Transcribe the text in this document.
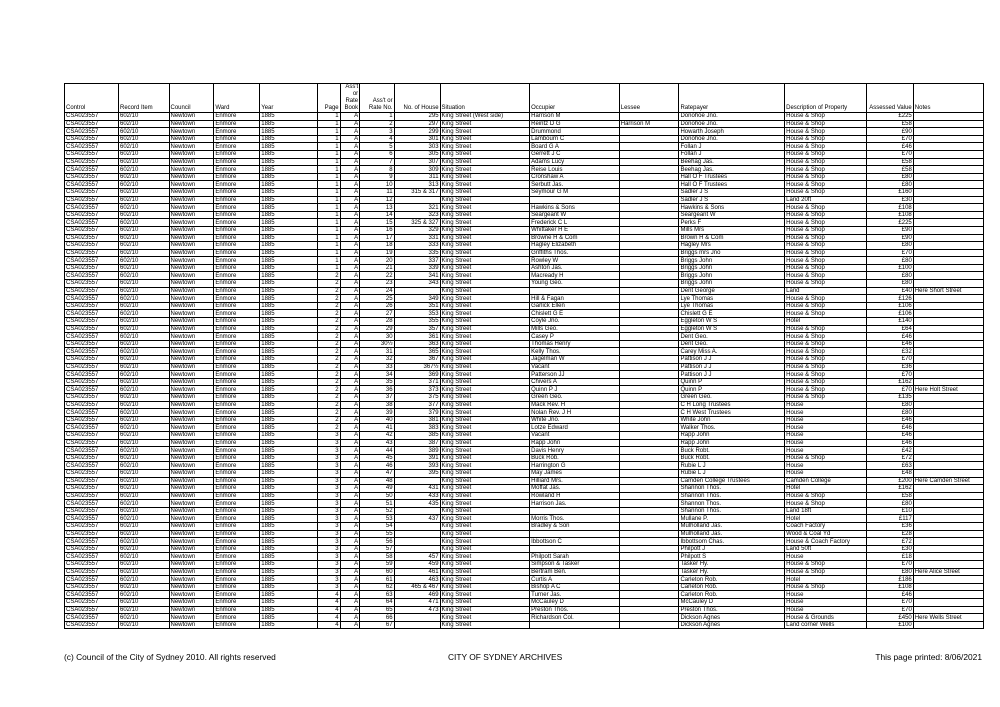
Control	Record Item	Council	Ward	Year	Page	Ass't or Rate Book	Ass't or Rate No.	No. of House	Situation	Occupier	Lessee	Ratepayer	Description of Property	Assessed Value	Notes
CSA023557	602/10	Newtown	Enmore	1885	1	A	1	295	King Street (West side)	Harrison M		Donohoe Jno.	House & Shop	£225	
CSA023557	602/10	Newtown	Enmore	1885	1	A	2	297	King Street	Reintz D G	Harrison M	Donohoe Jno.	House & Shop	£58	
CSA023557	602/10	Newtown	Enmore	1885	1	A	3	299	King Street	Drummond		Howarth Joseph	House & Shop	£90	
CSA023557	602/10	Newtown	Enmore	1885	1	A	4	301	King Street	Lambourn C		Donohoe Jno.	House & Shop	£70	
CSA023557	602/10	Newtown	Enmore	1885	1	A	5	303	King Street	Board G A		Follan J	House & Shop	£46	
CSA023557	602/10	Newtown	Enmore	1885	1	A	6	305	King Street	Gerrett J C		Follan J	House & Shop	£70	
CSA023557	602/10	Newtown	Enmore	1885	1	A	7	307	King Street	Adams Lucy		Beehag Jas.	House & Shop	£58	
CSA023557	602/10	Newtown	Enmore	1885	1	A	8	309	King Street	Reise Louis		Beehag Jas.	House & Shop	£58	
CSA023557	602/10	Newtown	Enmore	1885	1	A	9	311	King Street	Cronshaw A		Hall O F Trustees	House & Shop	£80	
CSA023557	602/10	Newtown	Enmore	1885	1	A	10	313	King Street	Serbutt Jas.		Hall O F Trustees	House & Shop	£80	
CSA023557	602/10	Newtown	Enmore	1885	1	A	11	315 & 317	King Street	Seymour G M		Sadler J S	House & Shop	£160	
CSA023557	602/10	Newtown	Enmore	1885	1	A	12		King Street			Sadler J S	Land 20ft	£30	
CSA023557	602/10	Newtown	Enmore	1885	1	A	13	321	King Street	Hawkins & Sons		Hawkins & Sons	House & Shop	£108	
CSA023557	602/10	Newtown	Enmore	1885	1	A	14	323	King Street	Seargeant W		Seargeant W	House & Shop	£108	
CSA023557	602/10	Newtown	Enmore	1885	1	A	15	325 & 327	King Street	Frederick C L		Perks F	House & Shop	£225	
CSA023557	602/10	Newtown	Enmore	1885	1	A	16	329	King Street	Whittaker H E		Mills Mrs	House & Shop	£90	
CSA023557	602/10	Newtown	Enmore	1885	1	A	17	331	King Street	Browne H & Com		Brown H & Com	House & Shop	£90	
CSA023557	602/10	Newtown	Enmore	1885	1	A	18	333	King Street	Hagley Elizabeth		Hagley Mrs	House & Shop	£80	
CSA023557	602/10	Newtown	Enmore	1885	1	A	19	335	King Street	Griffiths Thos.		Briggs mrs Jno	House & Shop	£70	
CSA023557	602/10	Newtown	Enmore	1885	1	A	20	337	King Street	Rowley W		Briggs John	House & Shop	£80	
CSA023557	602/10	Newtown	Enmore	1885	1	A	21	339	King Street	Ashton Jas.		Briggs John	House & Shop	£100	
CSA023557	602/10	Newtown	Enmore	1885	2	A	22	341	King Street	Macready H		Briggs John	House & Shop	£80	
CSA023557	602/10	Newtown	Enmore	1885	2	A	23	343	King Street	Young Geo.		Briggs John	House & Shop	£80	
CSA023557	602/10	Newtown	Enmore	1885	2	A	24		King Street			Dent George	Land	£40	Here Short Street
CSA023557	602/10	Newtown	Enmore	1885	2	A	25	349	King Street	Hill & Fagan		Lye Thomas	House & Shop	£126	
CSA023557	602/10	Newtown	Enmore	1885	2	A	26	351	King Street	Garlick Ellen		Lye Thomas	House & Shop	£106	
CSA023557	602/10	Newtown	Enmore	1885	2	A	27	353	King Street	Chislett G E		Chislett G E	House & Shop	£106	
CSA023557	602/10	Newtown	Enmore	1885	2	A	28	355	King Street	Coyle Jno.		Eggleton W S	Hotel	£140	
CSA023557	602/10	Newtown	Enmore	1885	2	A	29	357	King Street	Mills Geo.		Eggleton W S	House & Shop	£64	
CSA023557	602/10	Newtown	Enmore	1885	2	A	30	361	King Street	Casey P		Dent Geo.	House & Shop	£46	
CSA023557	602/10	Newtown	Enmore	1885	2	A	30½	363	King Street	Thomas Henry		Dent Geo.	House & Shop	£46	
CSA023557	602/10	Newtown	Enmore	1885	2	A	31	365	King Street	Kelly Thos.		Carey Miss A.	House & Shop	£32	
CSA023557	602/10	Newtown	Enmore	1885	2	A	32	367	King Street	Jagelman W		Pattison J J	House & Shop	£70	
CSA023557	602/10	Newtown	Enmore	1885	2	A	33	367½	King Street	Vacant		Pattison J J	House & Shop	£36	
CSA023557	602/10	Newtown	Enmore	1885	2	A	34	369	King Street	Patterson JJ		Pattison J J	House & Shop	£70	
CSA023557	602/10	Newtown	Enmore	1885	2	A	35	371	King Street	Chivers A		Quinn P	House & Shop	£162	
CSA023557	602/10	Newtown	Enmore	1885	2	A	36	373	King Street	Quinn P J		Quinn P	House & Shop	£70	Here Holt Street
CSA023557	602/10	Newtown	Enmore	1885	2	A	37	375	King Street	Green Geo.		Green Geo.	House & Shop	£135	
CSA023557	602/10	Newtown	Enmore	1885	2	A	38	377	King Street	Mack Rev. H		C H Long Trustees	House	£80	
CSA023557	602/10	Newtown	Enmore	1885	2	A	39	379	King Street	Nolan Rev. J H		C H West Trustees	House	£80	
CSA023557	602/10	Newtown	Enmore	1885	2	A	40	381	King Street	White Jno.		White John	House	£46	
CSA023557	602/10	Newtown	Enmore	1885	2	A	41	383	King Street	Lotze Edward		Walker Thos.	House	£46	
CSA023557	602/10	Newtown	Enmore	1885	3	A	42	385	King Street	Vacant		Rapp John	House	£46	
CSA023557	602/10	Newtown	Enmore	1885	3	A	43	387	King Street	Rapp John		Rapp John	House	£46	
CSA023557	602/10	Newtown	Enmore	1885	3	A	44	389	King Street	Davis Henry		Buck Robt.	House	£42	
CSA023557	602/10	Newtown	Enmore	1885	3	A	45	391	King Street	Buck Rob.		Buck Robt.	House & Shop	£72	
CSA023557	602/10	Newtown	Enmore	1885	3	A	46	393	King Street	Harrington G		Rubie L J	House	£63	
CSA023557	602/10	Newtown	Enmore	1885	3	A	47	395	King Street	May James		Rubie L J	House	£48	
CSA023557	602/10	Newtown	Enmore	1885	3	A	48		King Street	Hilliard Mrs.		Camden College Trustees	Camden College	£200	Here Camden Street
CSA023557	602/10	Newtown	Enmore	1885	3	A	49	431	King Street	Moffat Jas.		Shannon Thos.	Hotel	£162	
CSA023557	602/10	Newtown	Enmore	1885	3	A	50	433	King Street	Rowland H		Shannon Thos.	House & Shop	£58	
CSA023557	602/10	Newtown	Enmore	1885	3	A	51	435	King Street	Harrison Jas.		Shannon Thos.	House & Shop	£80	
CSA023557	602/10	Newtown	Enmore	1885	3	A	52		King Street			Shannon Thos.	Land 18ft	£10	
CSA023557	602/10	Newtown	Enmore	1885	3	A	53	437	King Street	Morris Thos.		Mullane P.	Hotel	£117	
CSA023557	602/10	Newtown	Enmore	1885	3	A	54		King Street	Bradley & Son		Mulholland Jas.	Coach Factory	£36	
CSA023557	602/10	Newtown	Enmore	1885	3	A	55		King Street			Mulholland Jas.	Wood & Coal Yd	£28	
CSA023557	602/10	Newtown	Enmore	1885	3	A	56		King Street	Ibbottson C		Ibbottsom Chas.	House & Coach Factory	£72	
CSA023557	602/10	Newtown	Enmore	1885	3	A	57		King Street			Philpott J	Land 50ft	£30	
CSA023557	602/10	Newtown	Enmore	1885	3	A	58	457	King Street	Philpott Sarah		Philpott S	House	£18	
CSA023557	602/10	Newtown	Enmore	1885	3	A	59	459	King Street	Simpson & Tasker		Tasker Hy.	House & Shop	£70	
CSA023557	602/10	Newtown	Enmore	1885	3	A	60	461	King Street	Bertram Ben.		Tasker Hy.	House & Shop	£80	Here Alice Street
CSA023557	602/10	Newtown	Enmore	1885	3	A	61	463	King Street	Curtis A		Carleton Rob.	Hotel	£186	
CSA023557	602/10	Newtown	Enmore	1885	3	A	62	465 & 467	King Street	Bishop A C		Carleton Rob.	House & Shop	£108	
CSA023557	602/10	Newtown	Enmore	1885	4	A	63	469	King Street	Turner Jas.		Carleton Rob.	House	£46	
CSA023557	602/10	Newtown	Enmore	1885	4	A	64	471	King Street	McCauley D		McCauley D	House	£70	
CSA023557	602/10	Newtown	Enmore	1885	4	A	65	473	King Street	Preston Thos.		Preston Thos.	House	£70	
CSA023557	602/10	Newtown	Enmore	1885	4	A	66		King Street	Richardson Col.		Dickson Agnes	House & Grounds	£450	Here Wells Street
CSA023557	602/10	Newtown	Enmore	1885	4	A	67		King Street			Dickson Agnes	Land corner Wells	£100	
(c) Council of the City of Sydney 2010. All rights reserved	CITY OF SYDNEY ARCHIVES	This page printed: 8/06/2021
